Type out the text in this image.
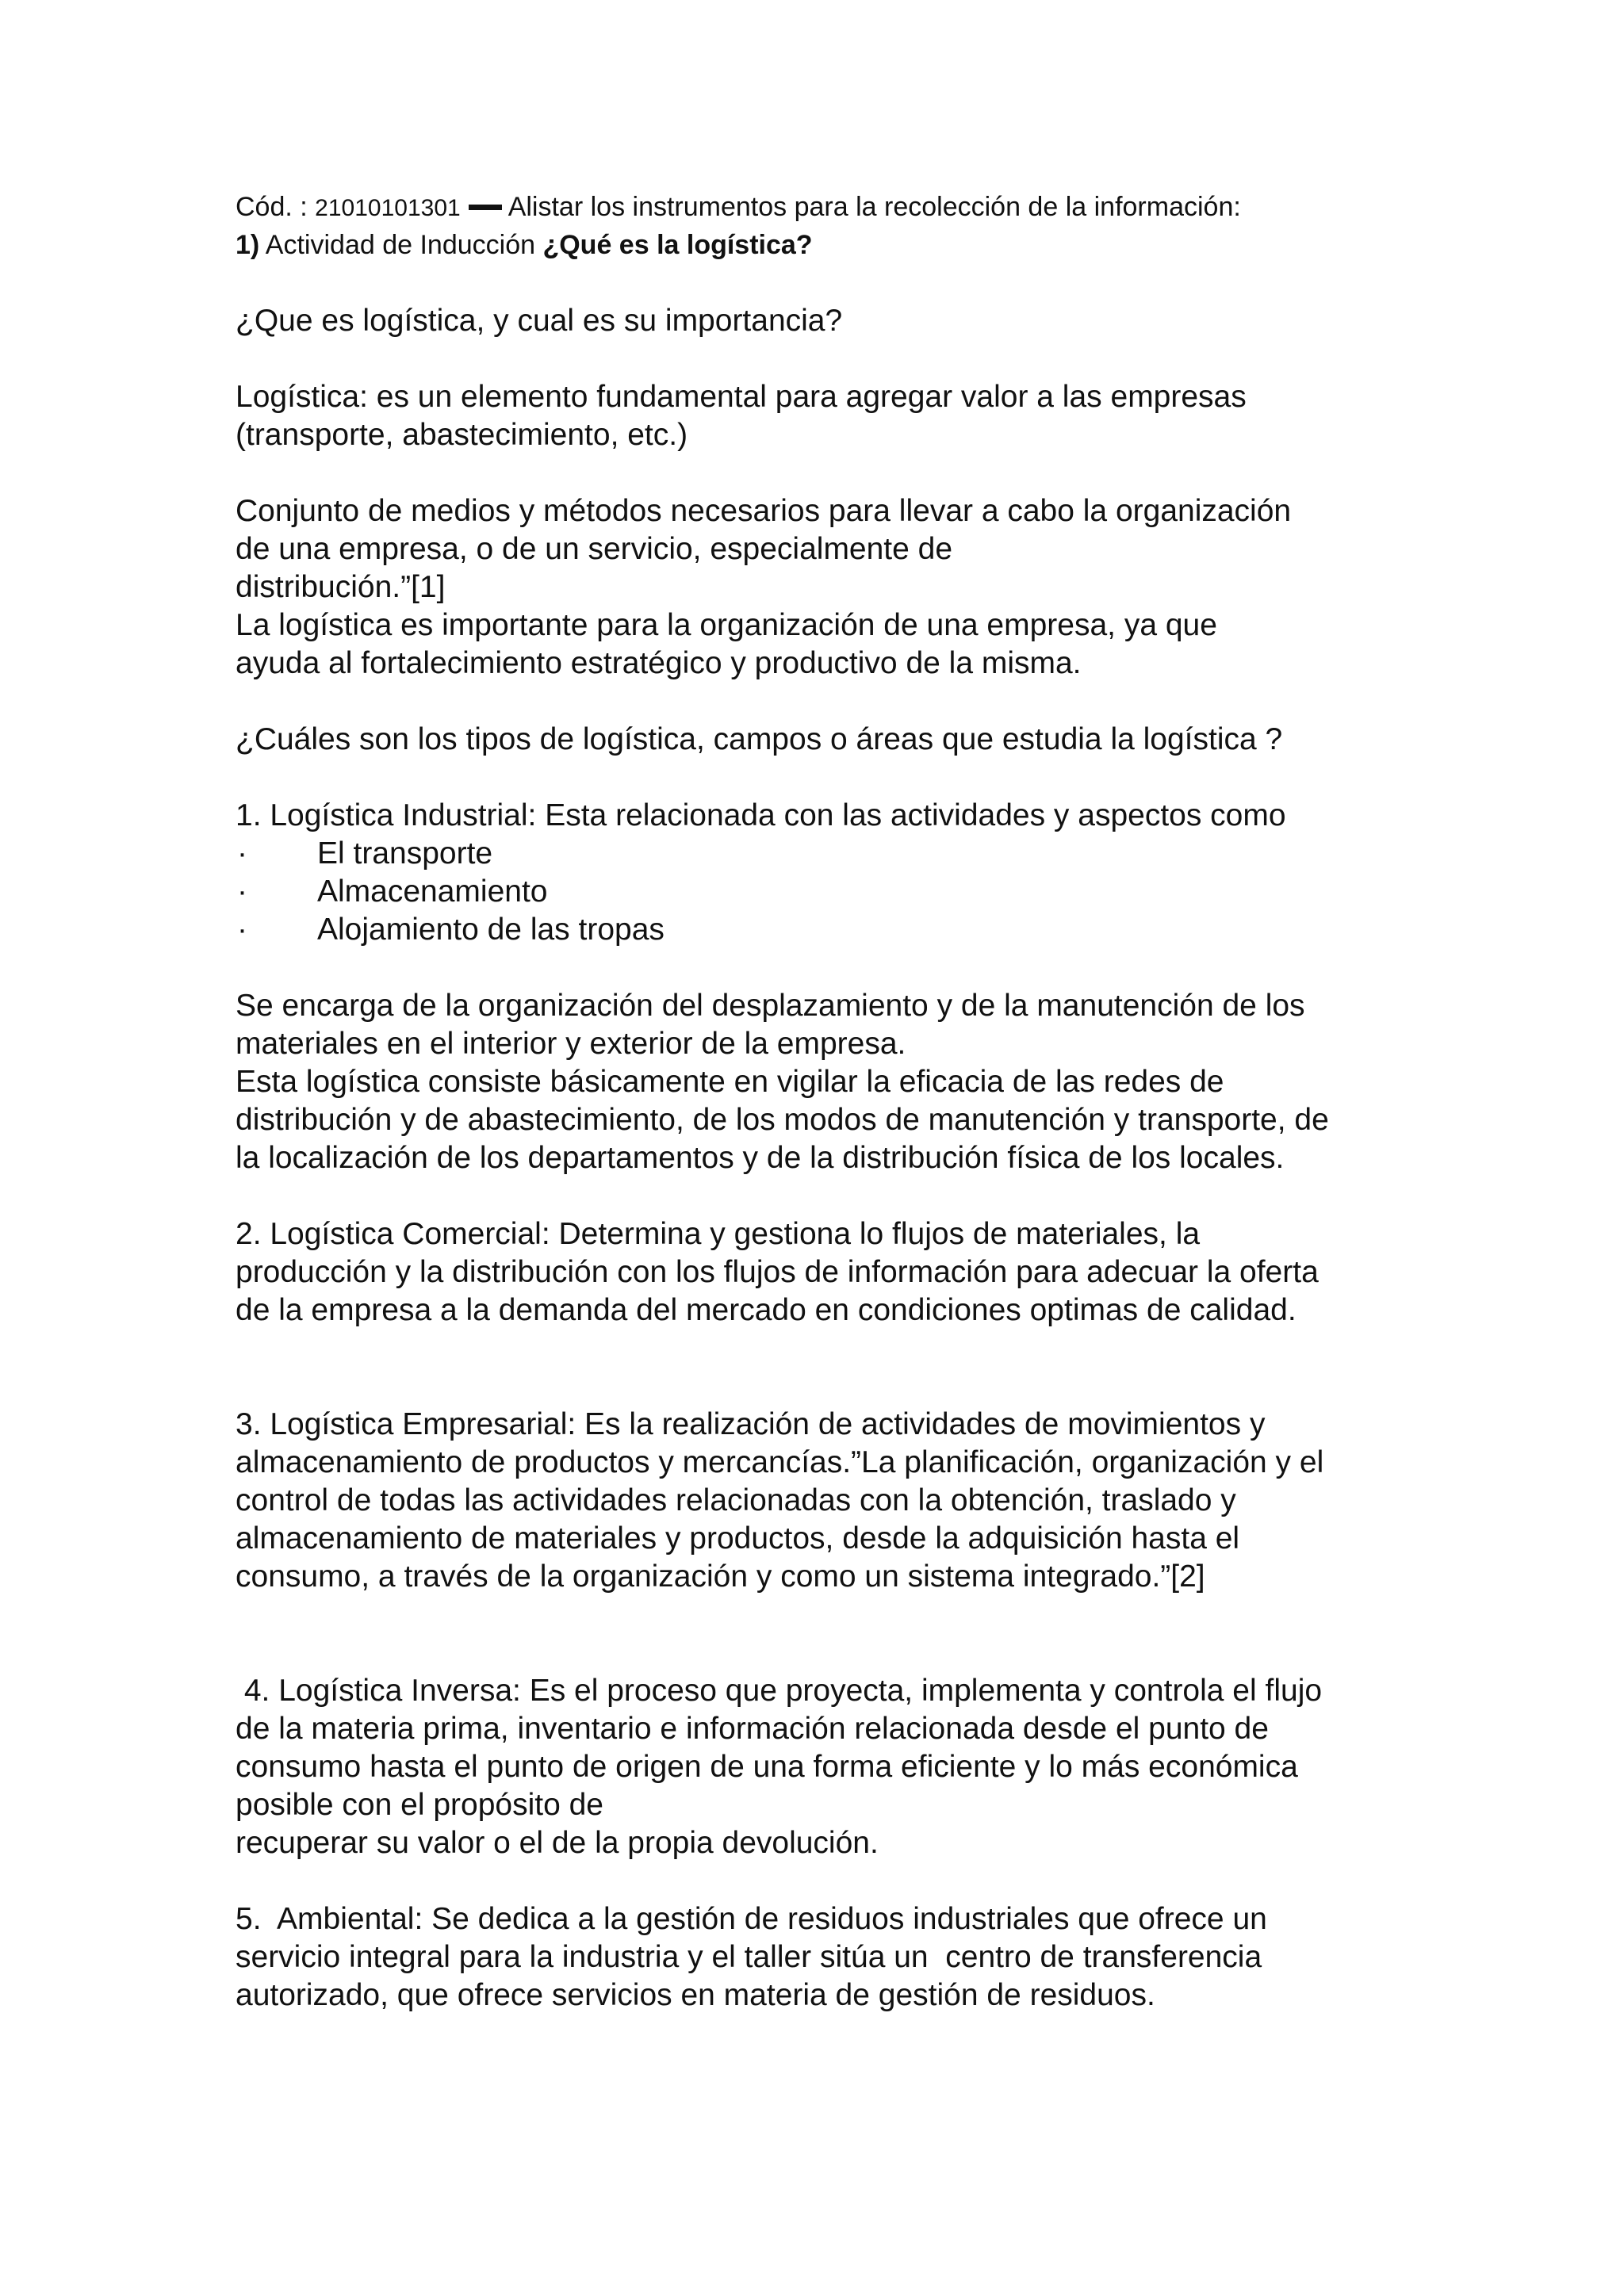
Cód. : 21010101301 Alistar los instrumentos para la recolección de la información:

1) Actividad de Inducción ¿Qué es la logística?

¿Que es logística, y cual es su importancia?

Logística: es un elemento fundamental para agregar valor a las empresas

(transporte, abastecimiento, etc.)

Conjunto de medios y métodos necesarios para llevar a cabo la organización

de una empresa, o de un servicio, especialmente de

distribución.”[1]

La logística es importante para la organización de una empresa, ya que

ayuda al fortalecimiento estratégico y productivo de la misma.

¿Cuáles son los tipos de logística, campos o áreas que estudia la logística ?

1. Logística Industrial: Esta relacionada con las actividades y aspectos como

· El transporte
· Almacenamiento
· Alojamiento de las tropas

Se encarga de la organización del desplazamiento y de la manutención de los

materiales en el interior y exterior de la empresa.

Esta logística consiste básicamente en vigilar la eficacia de las redes de

distribución y de abastecimiento, de los modos de manutención y transporte, de

la localización de los departamentos y de la distribución física de los locales.

2. Logística Comercial: Determina y gestiona lo flujos de materiales, la

producción y la distribución con los flujos de información para adecuar la oferta

de la empresa a la demanda del mercado en condiciones optimas de calidad.

3. Logística Empresarial: Es la realización de actividades de movimientos y

almacenamiento de productos y mercancías.”La planificación, organización y el

control de todas las actividades relacionadas con la obtención, traslado y

almacenamiento de materiales y productos, desde la adquisición hasta el

consumo, a través de la organización y como un sistema integrado.”[2]

4. Logística Inversa: Es el proceso que proyecta, implementa y controla el flujo

de la materia prima, inventario e información relacionada desde el punto de

consumo hasta el punto de origen de una forma eficiente y lo más económica

posible con el propósito de

recuperar su valor o el de la propia devolución.

5.  Ambiental: Se dedica a la gestión de residuos industriales que ofrece un

servicio integral para la industria y el taller sitúa un  centro de transferencia

autorizado, que ofrece servicios en materia de gestión de residuos.
